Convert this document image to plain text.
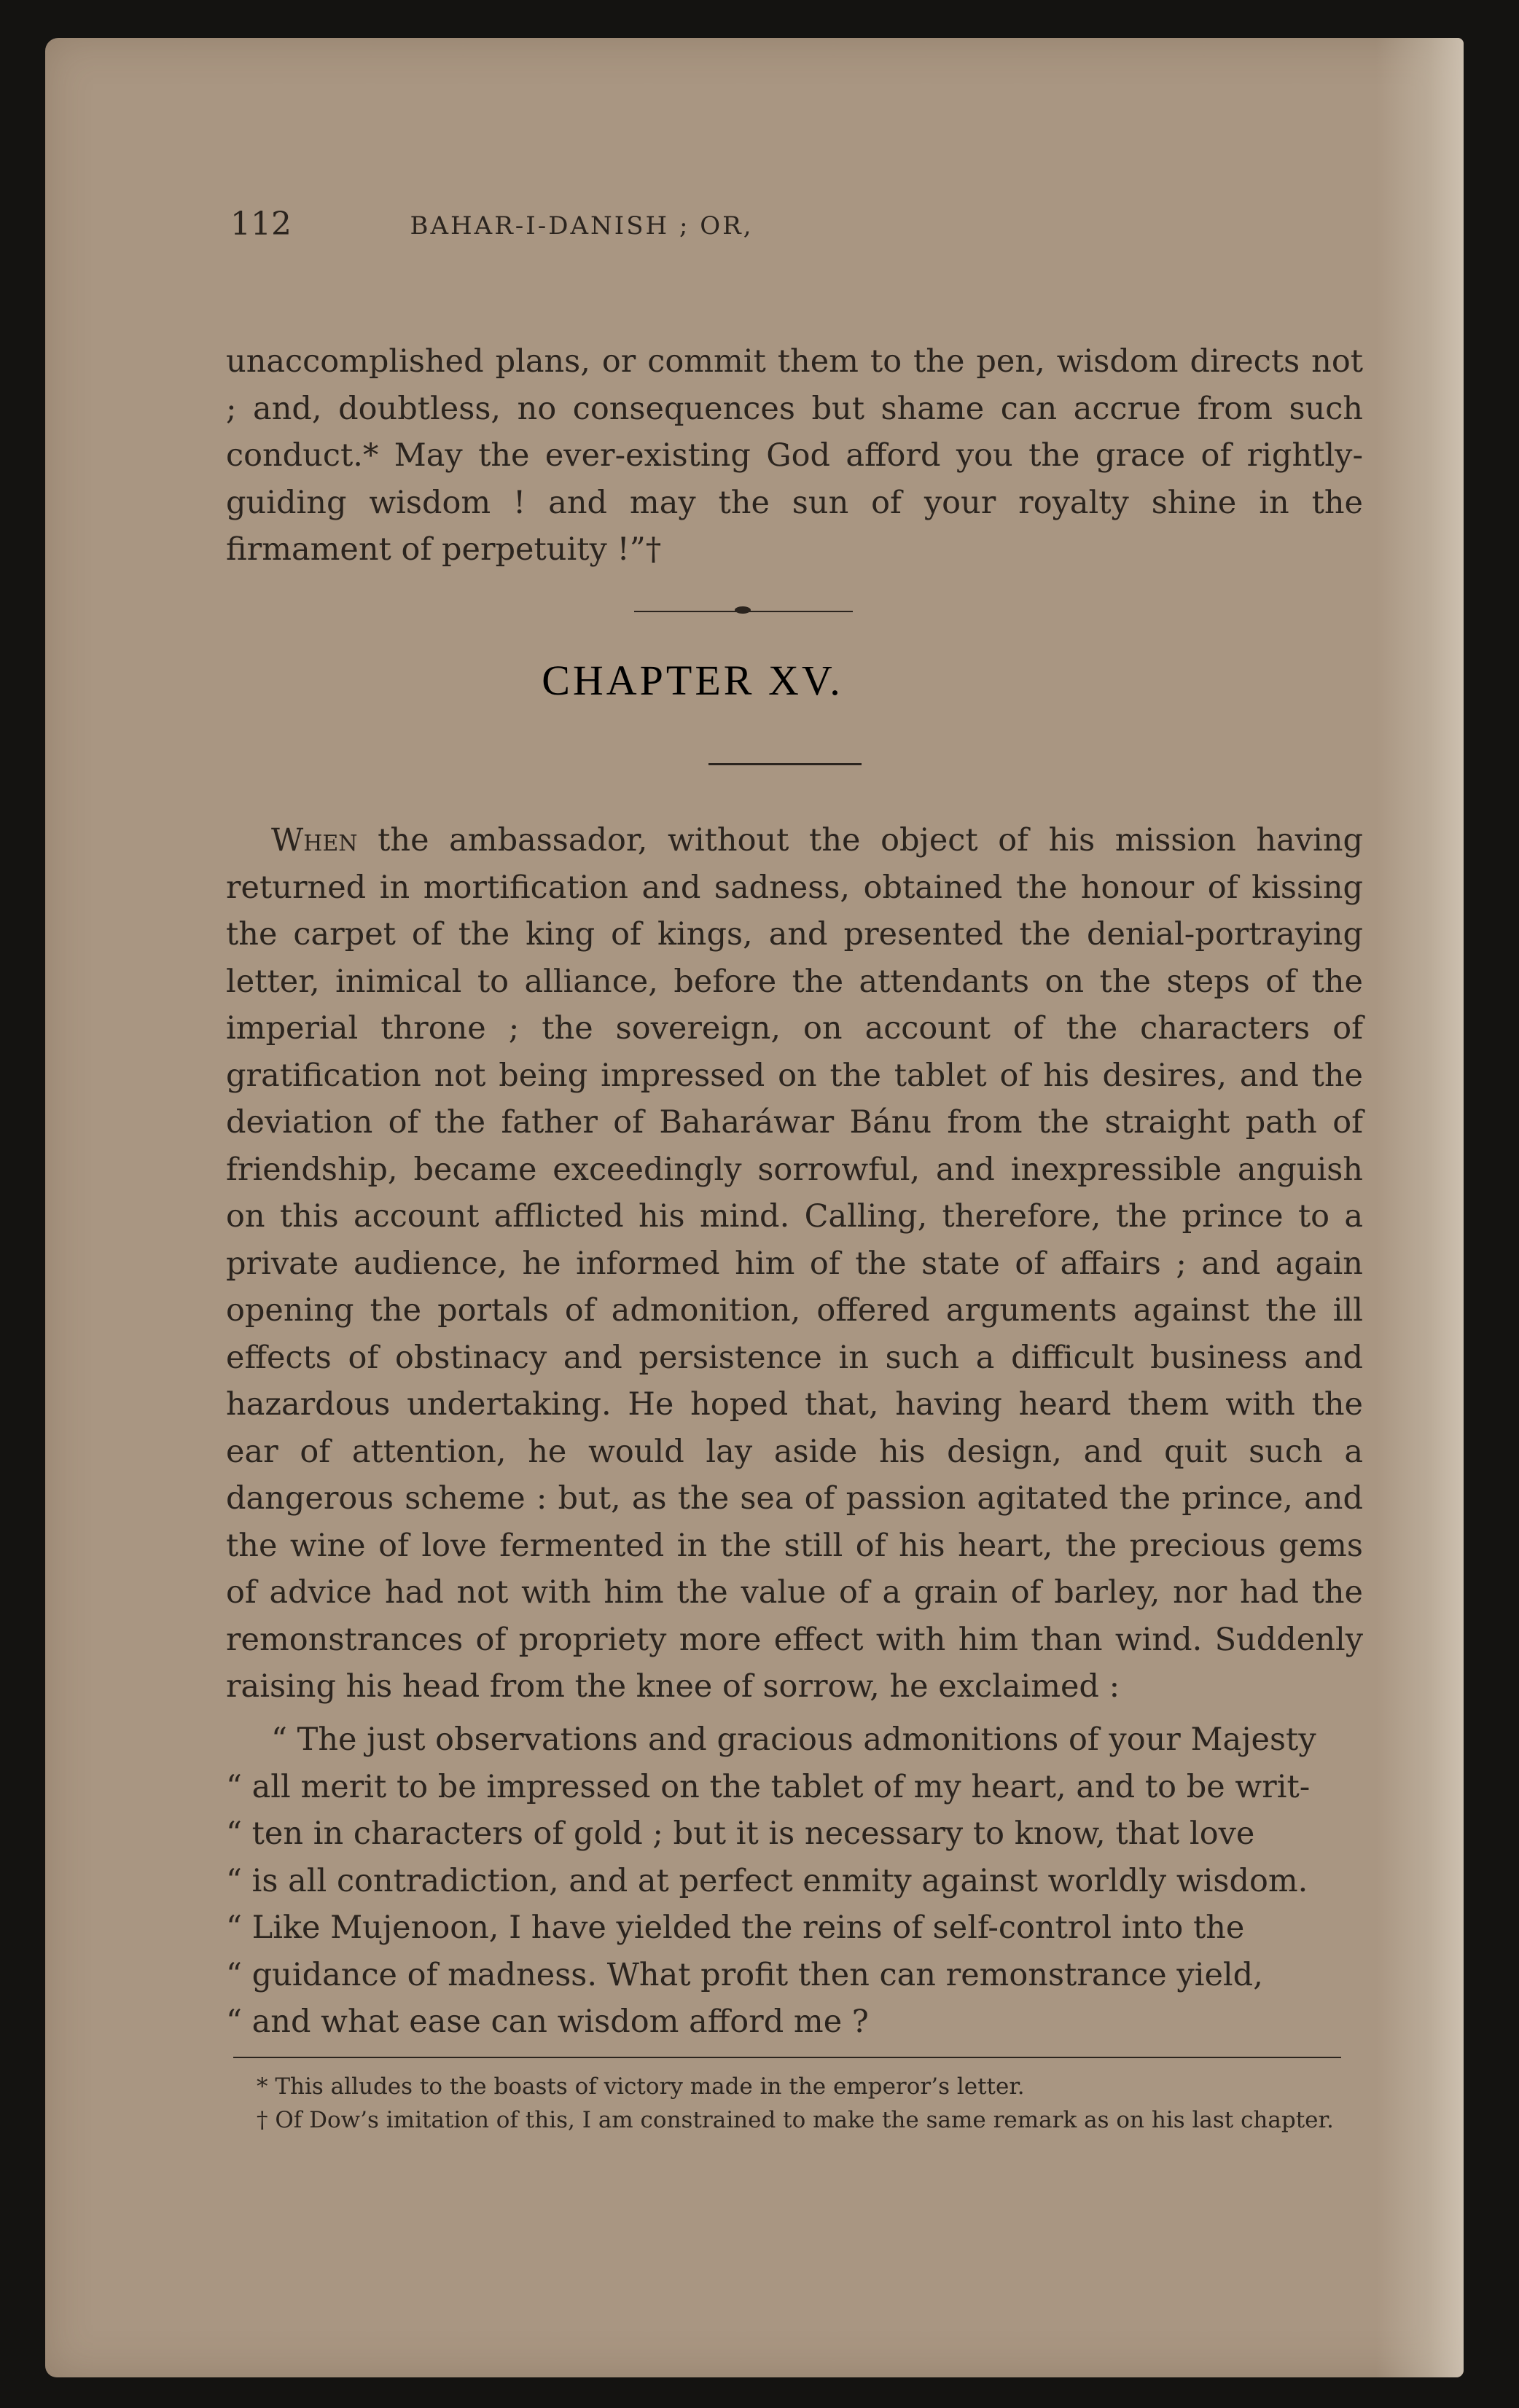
112	BAHAR-I-DANISH ; OR,

unaccomplished plans, or commit them to the pen, wisdom directs not ; and, doubtless, no consequences but shame can accrue from such conduct.* May the ever-existing God afford you the grace of rightly-guiding wisdom ! and may the sun of your royalty shine in the firmament of perpetuity !”†

CHAPTER XV.

When the ambassador, without the object of his mission having returned in mortification and sadness, obtained the honour of kissing the carpet of the king of kings, and presented the denial-portraying letter, inimical to alliance, before the attendants on the steps of the imperial throne ; the sovereign, on account of the characters of gratification not being impressed on the tablet of his desires, and the deviation of the father of Baharáwar Bánu from the straight path of friendship, became exceedingly sorrowful, and inexpressible anguish on this account afflicted his mind. Calling, therefore, the prince to a private audience, he informed him of the state of affairs ; and again opening the portals of admonition, offered arguments against the ill effects of obstinacy and persistence in such a difficult business and hazardous undertaking. He hoped that, having heard them with the ear of attention, he would lay aside his design, and quit such a dangerous scheme : but, as the sea of passion agitated the prince, and the wine of love fermented in the still of his heart, the precious gems of advice had not with him the value of a grain of barley, nor had the remonstrances of propriety more effect with him than wind. Suddenly raising his head from the knee of sorrow, he exclaimed :

“ The just observations and gracious admonitions of your Majesty
“ all merit to be impressed on the tablet of my heart, and to be writ-
“ ten in characters of gold ; but it is necessary to know, that love
“ is all contradiction, and at perfect enmity against worldly wisdom.
“ Like Mujenoon, I have yielded the reins of self-control into the
“ guidance of madness. What profit then can remonstrance yield,
“ and what ease can wisdom afford me ?

* This alludes to the boasts of victory made in the emperor’s letter.

† Of Dow’s imitation of this, I am constrained to make the same remark as on his last chapter.
